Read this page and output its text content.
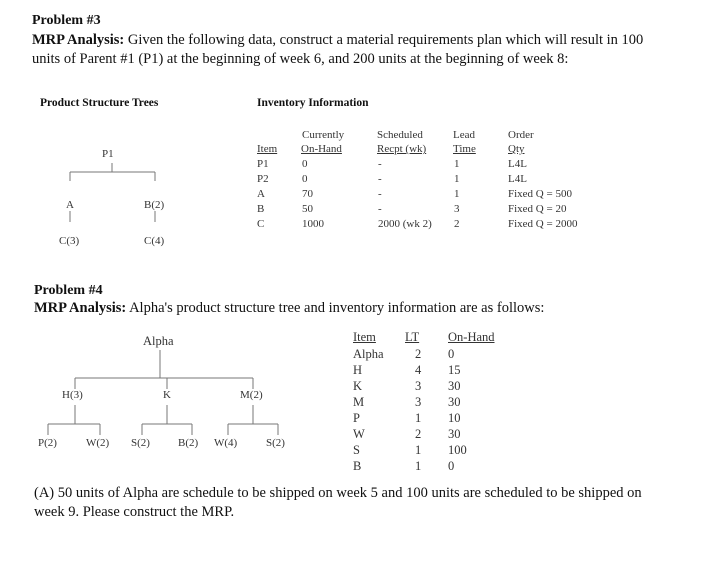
Problem #3
MRP Analysis: Given the following data, construct a material requirements plan which will result in 100 units of Parent #1 (P1) at the beginning of week 6, and 200 units at the beginning of week 8:
Product Structure Trees	Inventory Information
P1
A	B(2)
C(3)	C(4)
Currently	Scheduled	Lead	Order
Item	On-Hand	Recpt (wk)	Time	Qty
P1	0	-	1	L4L
P2	0	-	1	L4L
A	70	-	1	Fixed Q = 500
B	50	-	3	Fixed Q = 20
C	1000	2000 (wk 2) 2	Fixed Q = 2000
Problem #4
MRP Analysis: Alpha's product structure tree and inventory information are as follows:
Alpha
H(3)	K	M(2)
P(2)	W(2) S(2)	B(2) W(4)	S(2)
Item	LT	On-Hand
Alpha	2 0
H	4 15
K	3 30
M	3 30
P	1 10
W	2 30
S	1 100
B	1 0
(A) 50 units of Alpha are schedule to be shipped on week 5 and 100 units are scheduled to be shipped on week 9. Please construct the MRP.
